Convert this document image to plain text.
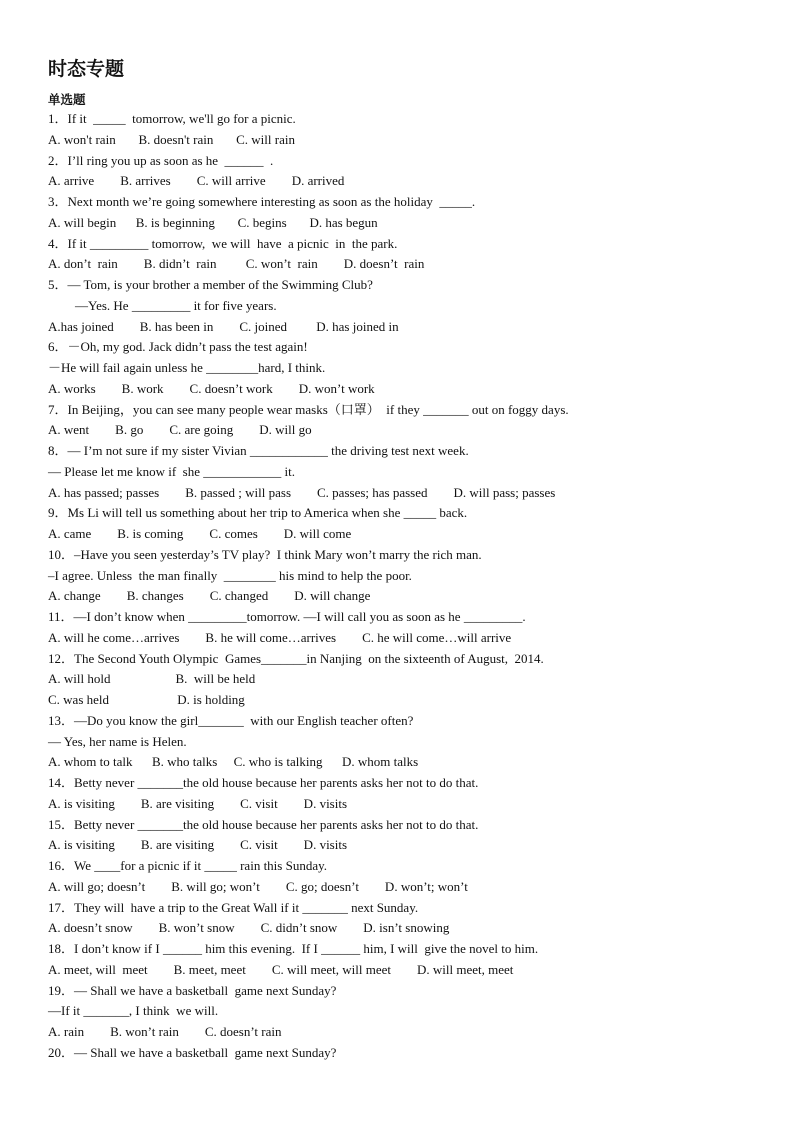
时态专题
单选题
1．If it  _____  tomorrow, we'll go for a picnic.
A. won't rain       B. doesn't rain       C. will rain
2．I’ll ring you up as soon as he  ______  .
A. arrive        B. arrives        C. will arrive        D. arrived
3．Next month we’re going somewhere interesting as soon as the holiday  _____.
A. will begin      B. is beginning       C. begins       D. has begun
4．If it _________ tomorrow,  we will  have  a picnic  in  the park.
A. don’t  rain        B. didn’t  rain         C. won’t  rain        D. doesn’t  rain
5．— Tom, is your brother a member of the Swimming Club?
—Yes. He _________ it for five years.
A.has joined        B. has been in        C. joined         D. has joined in
6．－Oh, my god. Jack didn’t pass the test again!
－He will fail again unless he ________hard, I think.
A. works        B. work        C. doesn’t work        D. won’t work
7．In Beijing，you can see many people wear masks（口罩）  if they _______ out on foggy days.
A. went        B. go        C. are going        D. will go
8．— I’m not sure if my sister Vivian ____________ the driving test next week.
— Please let me know if  she ____________ it.
A. has passed; passes        B. passed ; will pass        C. passes; has passed        D. will pass; passes
9．Ms Li will tell us something about her trip to America when she _____ back.
A. came        B. is coming        C. comes        D. will come
10．–Have you seen yesterday’s TV play?  I think Mary won’t marry the rich man.
–I agree. Unless  the man finally  ________ his mind to help the poor.
A. change        B. changes        C. changed        D. will change
11．—I don’t know when _________tomorrow. —I will call you as soon as he _________.
A. will he come…arrives        B. he will come…arrives        C. he will come…will arrive
12．The Second Youth Olympic  Games_______in Nanjing  on the sixteenth of August,  2014.
A. will hold                    B.  will be held
C. was held                     D. is holding
13．—Do you know the girl_______  with our English teacher often?
— Yes, her name is Helen.
A. whom to talk      B. who talks     C. who is talking      D. whom talks
14．Betty never _______the old house because her parents asks her not to do that.
A. is visiting        B. are visiting        C. visit        D. visits
15．Betty never _______the old house because her parents asks her not to do that.
A. is visiting        B. are visiting        C. visit        D. visits
16．We ____for a picnic if it _____ rain this Sunday.
A. will go; doesn’t        B. will go; won’t        C. go; doesn’t        D. won’t; won’t
17．They will  have a trip to the Great Wall if it _______ next Sunday.
A. doesn’t snow        B. won’t snow        C. didn’t snow        D. isn’t snowing
18．I don’t know if I ______ him this evening.  If I ______ him, I will  give the novel to him.
A. meet, will  meet        B. meet, meet        C. will meet, will meet        D. will meet, meet
19．— Shall we have a basketball  game next Sunday?
—If it _______, I think  we will.
A. rain        B. won’t rain        C. doesn’t rain
20．— Shall we have a basketball  game next Sunday?
